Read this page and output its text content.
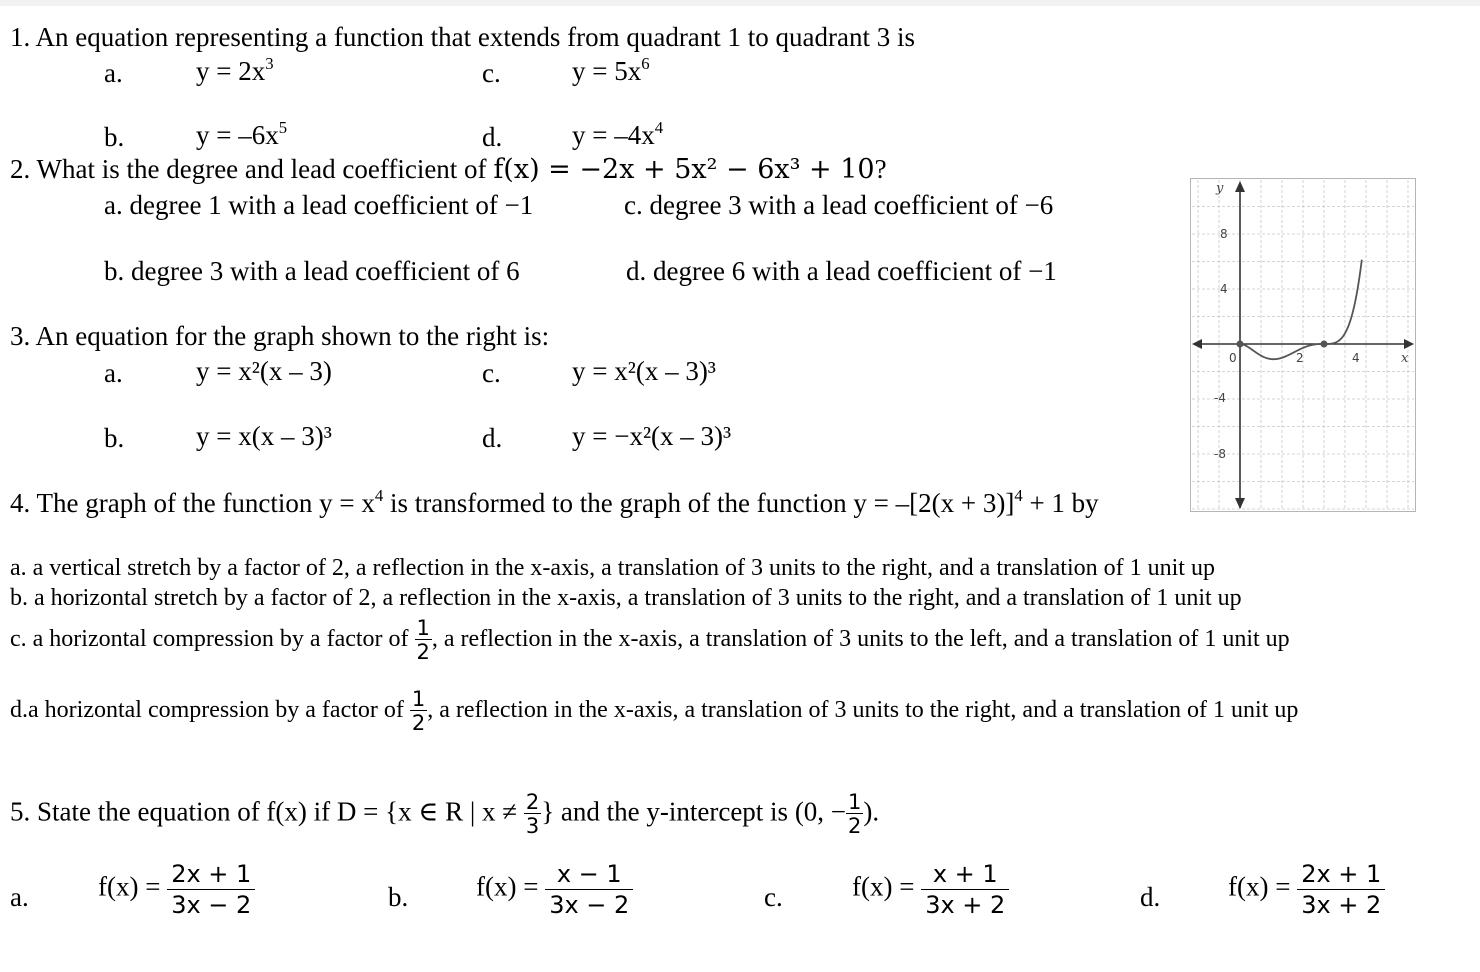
1. An equation representing a function that extends from quadrant 1 to quadrant 3 is
a.	$y = 2x^3$	c.	$y = 5x^6$
b.	$y = -6x^5$	d.	$y = -4x^4$
2. What is the degree and lead coefficient of f(x) = −2x + 5x² − 6x³ + 10?
a. degree 1 with a lead coefficient of −1	c. degree 3 with a lead coefficient of −6
b. degree 3 with a lead coefficient of 6	d. degree 6 with a lead coefficient of −1
3. An equation for the graph shown to the right is:
a.	y = x²(x – 3)	c.	y = x²(x – 3)³
b.	y = x(x – 3)³	d.	y = −x²(x – 3)³
y
x
8
4
-4
-8
0	2	4
4. The graph of the function $y = x^4$ is transformed to the graph of the function $y = -[2(x + 3)]^4 + 1$ by
a. a vertical stretch by a factor of 2, a reflection in the x-axis, a translation of 3 units to the right, and a translation of 1 unit up
b. a horizontal stretch by a factor of 2, a reflection in the x-axis, a translation of 3 units to the right, and a translation of 1 unit up
c. a horizontal compression by a factor of $\frac{1}{2}$ , a reflection in the x-axis, a translation of 3 units to the left, and a translation of 1 unit up
d.a horizontal compression by a factor of $\frac{1}{2}$ , a reflection in the x-axis, a translation of 3 units to the right, and a translation of 1 unit up
5. State the equation of f(x) if D = {x ∈ R | $x \ne \frac{2}{3}$ } and the y-intercept is (0, − $\frac{1}{2}$ ).
a.	$f(x) = \frac{2x + 1}{3x - 2}$	b.	$f(x) = \frac{x - 1}{3x - 2}$	c.	$f(x) = \frac{x + 1}{3x + 2}$	d.	$f(x) = \frac{2x + 1}{3x + 2}$
